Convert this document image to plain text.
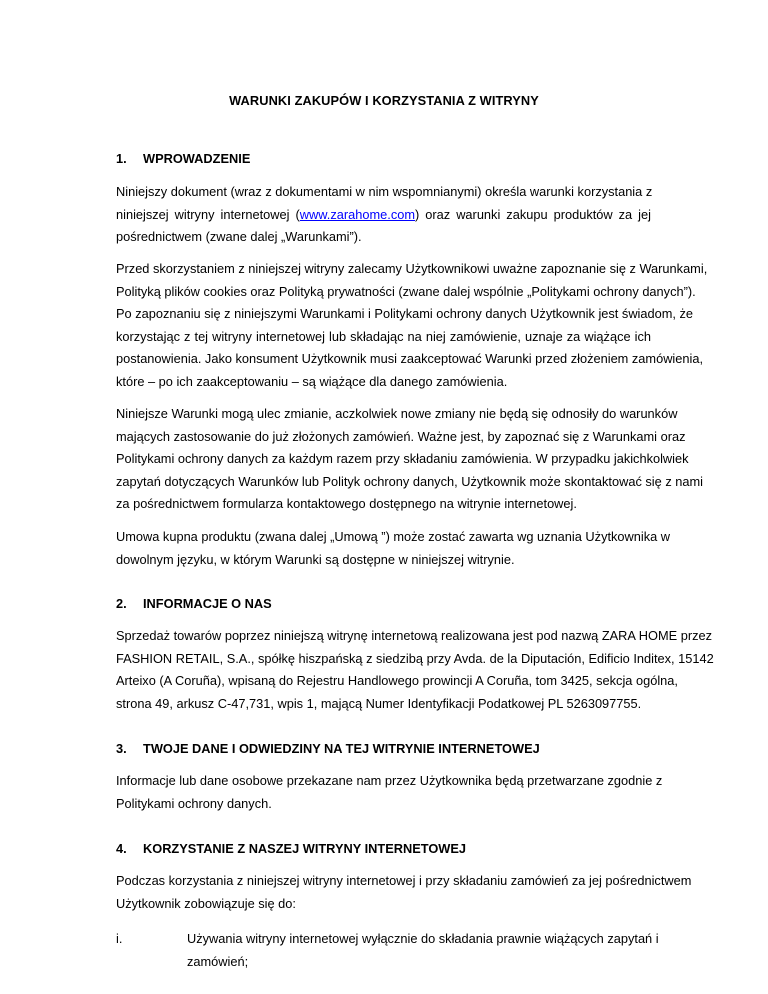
WARUNKI ZAKUPÓW I KORZYSTANIA Z WITRYNY
1. WPROWADZENIE
Niniejszy dokument (wraz z dokumentami w nim wspomnianymi) określa warunki korzystania z
niniejszej witryny internetowej (www.zarahome.com) oraz warunki zakupu produktów za jej
pośrednictwem (zwane dalej „Warunkami”).
Przed skorzystaniem z niniejszej witryny zalecamy Użytkownikowi uważne zapoznanie się z Warunkami,
Polityką plików cookies oraz Polityką prywatności (zwane dalej wspólnie „Politykami ochrony danych”).
Po zapoznaniu się z niniejszymi Warunkami i Politykami ochrony danych Użytkownik jest świadom, że
korzystając z tej witryny internetowej lub składając na niej zamówienie, uznaje za wiążące ich
postanowienia. Jako konsument Użytkownik musi zaakceptować Warunki przed złożeniem zamówienia,
które – po ich zaakceptowaniu – są wiążące dla danego zamówienia.
Niniejsze Warunki mogą ulec zmianie, aczkolwiek nowe zmiany nie będą się odnosiły do warunków
mających zastosowanie do już złożonych zamówień. Ważne jest, by zapoznać się z Warunkami oraz
Politykami ochrony danych za każdym razem przy składaniu zamówienia. W przypadku jakichkolwiek
zapytań dotyczących Warunków lub Polityk ochrony danych, Użytkownik może skontaktować się z nami
za pośrednictwem formularza kontaktowego dostępnego na witrynie internetowej.
Umowa kupna produktu (zwana dalej „Umową ”) może zostać zawarta wg uznania Użytkownika w
dowolnym języku, w którym Warunki są dostępne w niniejszej witrynie.
2. INFORMACJE O NAS
Sprzedaż towarów poprzez niniejszą witrynę internetową realizowana jest pod nazwą ZARA HOME przez
FASHION RETAIL, S.A., spółkę hiszpańską z siedzibą przy Avda. de la Diputación, Edificio Inditex, 15142
Arteixo (A Coruña), wpisaną do Rejestru Handlowego prowincji A Coruña, tom 3425, sekcja ogólna,
strona 49, arkusz C-47,731, wpis 1, mającą Numer Identyfikacji Podatkowej PL 5263097755.
3. TWOJE DANE I ODWIEDZINY NA TEJ WITRYNIE INTERNETOWEJ
Informacje lub dane osobowe przekazane nam przez Użytkownika będą przetwarzane zgodnie z
Politykami ochrony danych.
4. KORZYSTANIE Z NASZEJ WITRYNY INTERNETOWEJ
Podczas korzystania z niniejszej witryny internetowej i przy składaniu zamówień za jej pośrednictwem
Użytkownik zobowiązuje się do:
i.	Używania witryny internetowej wyłącznie do składania prawnie wiążących zapytań i
zamówień;
